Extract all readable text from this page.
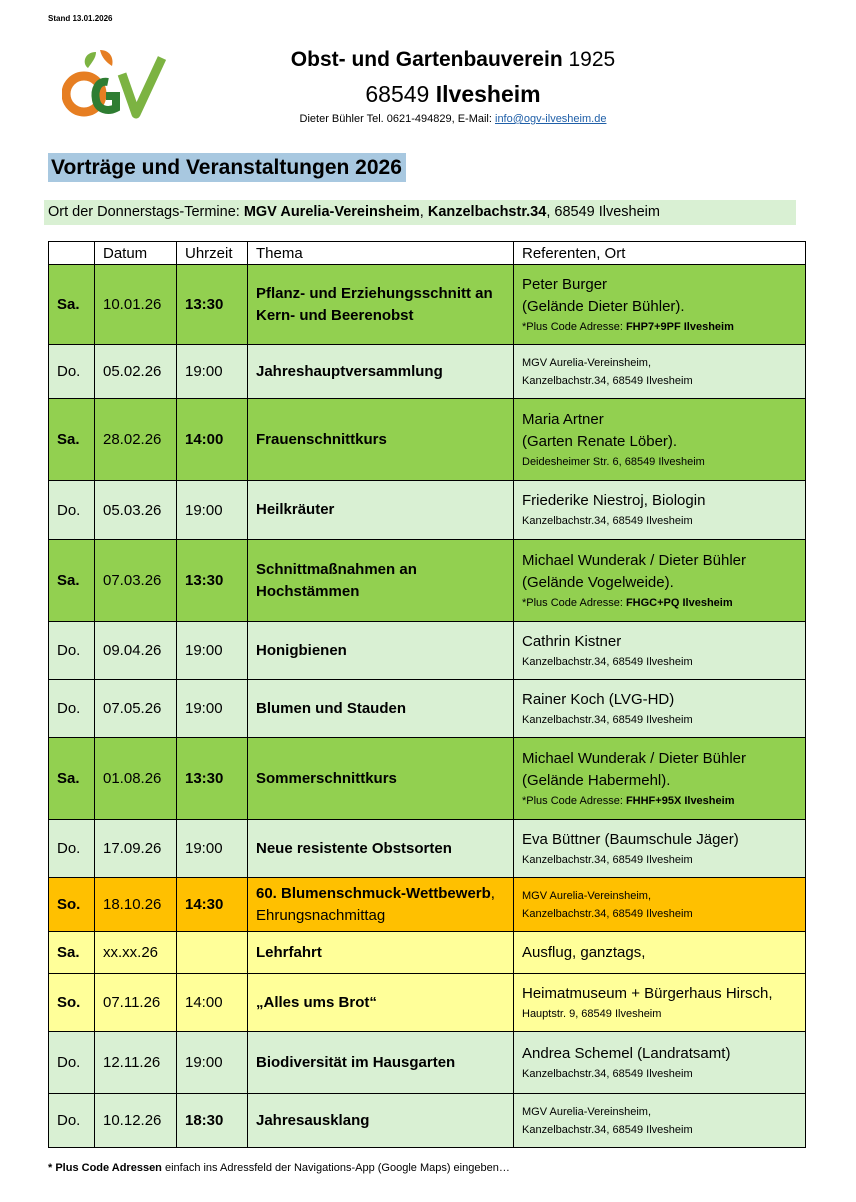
Stand 13.01.2026
Obst- und Gartenbauverein 1925
68549 Ilvesheim
Dieter Bühler Tel. 0621-494829, E-Mail: info@ogv-ilvesheim.de
Vorträge und Veranstaltungen 2026
Ort der Donnerstags-Termine: MGV Aurelia-Vereinsheim, Kanzelbachstr.34, 68549 Ilvesheim
	Datum	Uhrzeit	Thema	Referenten, Ort
Sa.	10.01.26	13:30	Pflanz- und Erziehungsschnitt an Kern- und Beerenobst	Peter Burger
(Gelände Dieter Bühler).
*Plus Code Adresse: FHP7+9PF Ilvesheim

Do.	05.02.26	19:00	Jahreshauptversammlung	MGV Aurelia-Vereinsheim,
Kanzelbachstr.34, 68549 Ilvesheim

Sa.	28.02.26	14:00	Frauenschnittkurs	Maria Artner
(Garten Renate Löber).
Deidesheimer Str. 6, 68549 Ilvesheim

Do.	05.03.26	19:00	Heilkräuter	Friederike Niestroj, Biologin
Kanzelbachstr.34, 68549 Ilvesheim

Sa.	07.03.26	13:30	Schnittmaßnahmen an Hochstämmen	Michael Wunderak / Dieter Bühler
(Gelände Vogelweide).
*Plus Code Adresse: FHGC+PQ Ilvesheim

Do.	09.04.26	19:00	Honigbienen	Cathrin Kistner
Kanzelbachstr.34, 68549 Ilvesheim

Do.	07.05.26	19:00	Blumen und Stauden	Rainer Koch (LVG-HD)
Kanzelbachstr.34, 68549 Ilvesheim

Sa.	01.08.26	13:30	Sommerschnittkurs	Michael Wunderak / Dieter Bühler
(Gelände Habermehl).
*Plus Code Adresse: FHHF+95X Ilvesheim

Do.	17.09.26	19:00	Neue resistente Obstsorten	Eva Büttner (Baumschule Jäger)
Kanzelbachstr.34, 68549 Ilvesheim

So.	18.10.26	14:30	60. Blumenschmuck-Wettbewerb, Ehrungsnachmittag	MGV Aurelia-Vereinsheim,
Kanzelbachstr.34, 68549 Ilvesheim

Sa.	xx.xx.26		Lehrfahrt	Ausflug, ganztags,

So.	07.11.26	14:00	„Alles ums Brot“	Heimatmuseum + Bürgerhaus Hirsch,
Hauptstr. 9, 68549 Ilvesheim

Do.	12.11.26	19:00	Biodiversität im Hausgarten	Andrea Schemel (Landratsamt)
Kanzelbachstr.34, 68549 Ilvesheim

Do.	10.12.26	18:30	Jahresausklang	MGV Aurelia-Vereinsheim,
Kanzelbachstr.34, 68549 Ilvesheim
* Plus Code Adressen einfach ins Adressfeld der Navigations-App (Google Maps) eingeben…
